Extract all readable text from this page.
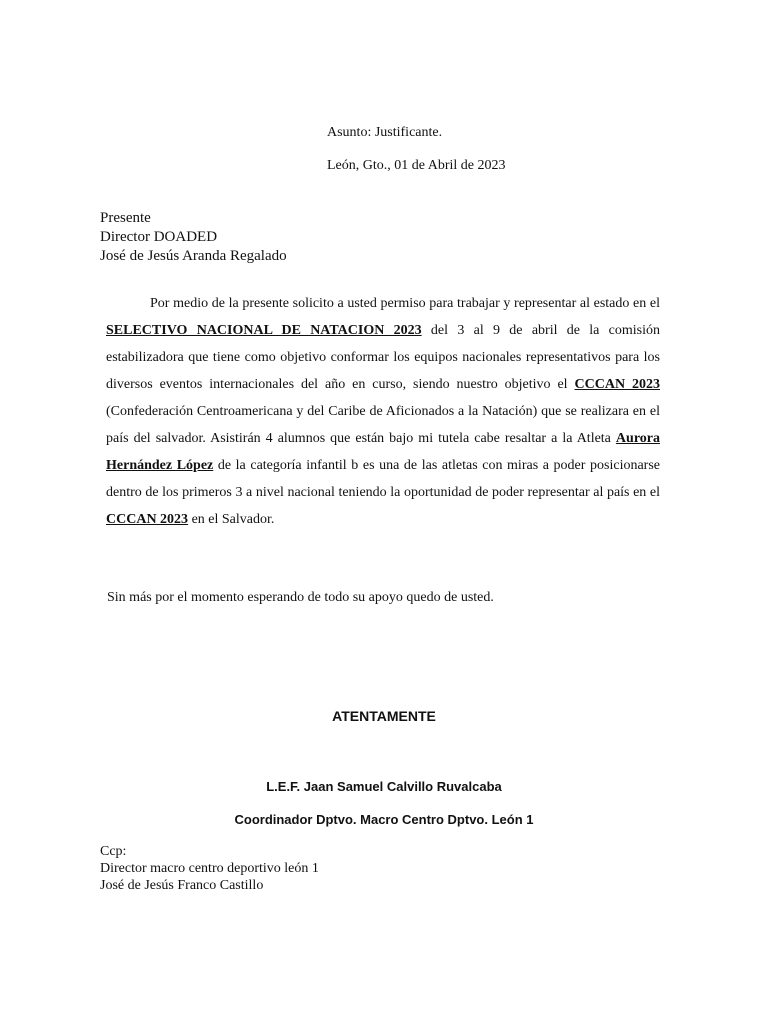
Asunto: Justificante.
León, Gto., 01 de Abril de 2023
Presente
Director DOADED
José de Jesús Aranda Regalado
Por medio de la presente solicito a usted permiso para trabajar y representar al estado en el SELECTIVO NACIONAL DE NATACION 2023 del 3 al 9 de abril de la comisión estabilizadora que tiene como objetivo conformar los equipos nacionales representativos para los diversos eventos internacionales del año en curso, siendo nuestro objetivo el CCCAN 2023 (Confederación Centroamericana y del Caribe de Aficionados a la Natación) que se realizara en el país del salvador. Asistirán 4 alumnos que están bajo mi tutela cabe resaltar a la Atleta Aurora Hernández López de la categoría infantil b es una de las atletas con miras a poder posicionarse dentro de los primeros 3 a nivel nacional teniendo la oportunidad de poder representar al país en el CCCAN 2023 en el Salvador.
Sin más por el momento esperando de todo su apoyo quedo de usted.
ATENTAMENTE
L.E.F. Jaan Samuel Calvillo Ruvalcaba
Coordinador Dptvo. Macro Centro Dptvo. León 1
Ccp:
Director macro centro deportivo león 1
José de Jesús Franco Castillo
